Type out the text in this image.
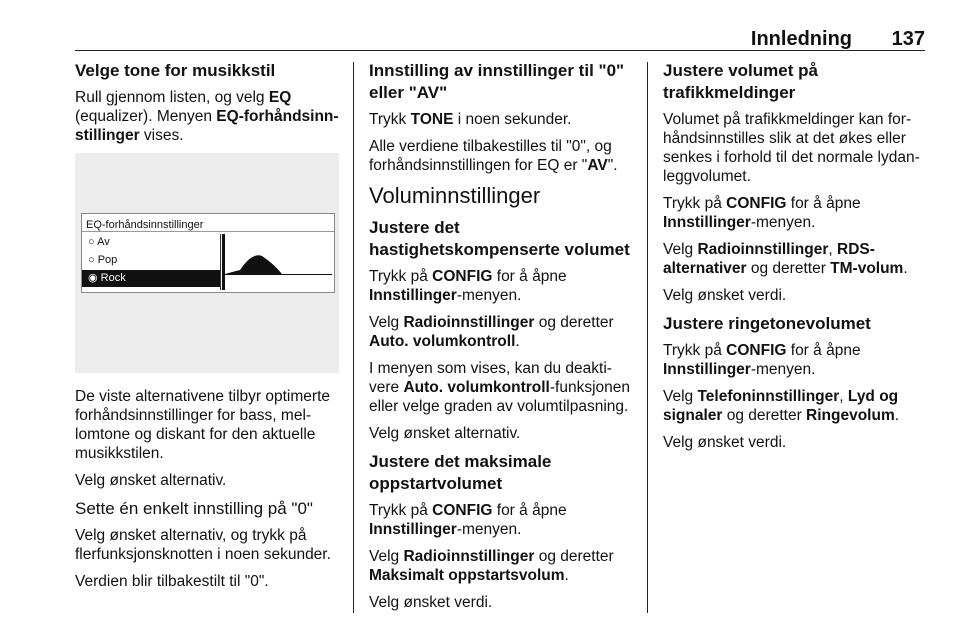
Innledning 137
Velge tone for musikkstil

Rull gjennom listen, og velg EQ (equalizer). Menyen EQ-forhåndsinn-stillinger vises.

EQ-forhåndsinnstillinger
○ Av
○ Pop
◉ Rock

De viste alternativene tilbyr optimerte forhåndsinnstillinger for bass, mel-lomtone og diskant for den aktuelle musikkstilen.

Velg ønsket alternativ.

Sette én enkelt innstilling på "0"

Velg ønsket alternativ, og trykk på flerfunksjonsknotten i noen sekunder.

Verdien blir tilbakestilt til "0".

Innstilling av innstillinger til "0" eller "AV"

Trykk TONE i noen sekunder.

Alle verdiene tilbakestilles til "0", og forhåndsinnstillingen for EQ er "AV".

Voluminnstillinger
Justere det hastighetskompenserte volumet

Trykk på CONFIG for å åpne Innstillinger-menyen.

Velg Radioinnstillinger og deretter Auto. volumkontroll.

I menyen som vises, kan du deakti-vere Auto. volumkontroll-funksjonen eller velge graden av volumtilpasning.

Velg ønsket alternativ.

Justere det maksimale oppstartvolumet

Trykk på CONFIG for å åpne Innstillinger-menyen.

Velg Radioinnstillinger og deretter Maksimalt oppstartsvolum.

Velg ønsket verdi.

Justere volumet på trafikkmeldinger

Volumet på trafikkmeldinger kan for-håndsinnstilles slik at det økes eller senkes i forhold til det normale lydan-leggvolumet.

Trykk på CONFIG for å åpne Innstillinger-menyen.

Velg Radioinnstillinger, RDS-alternativer og deretter TM-volum.

Velg ønsket verdi.

Justere ringetonevolumet

Trykk på CONFIG for å åpne Innstillinger-menyen.

Velg Telefoninnstillinger, Lyd og signaler og deretter Ringevolum.

Velg ønsket verdi.
